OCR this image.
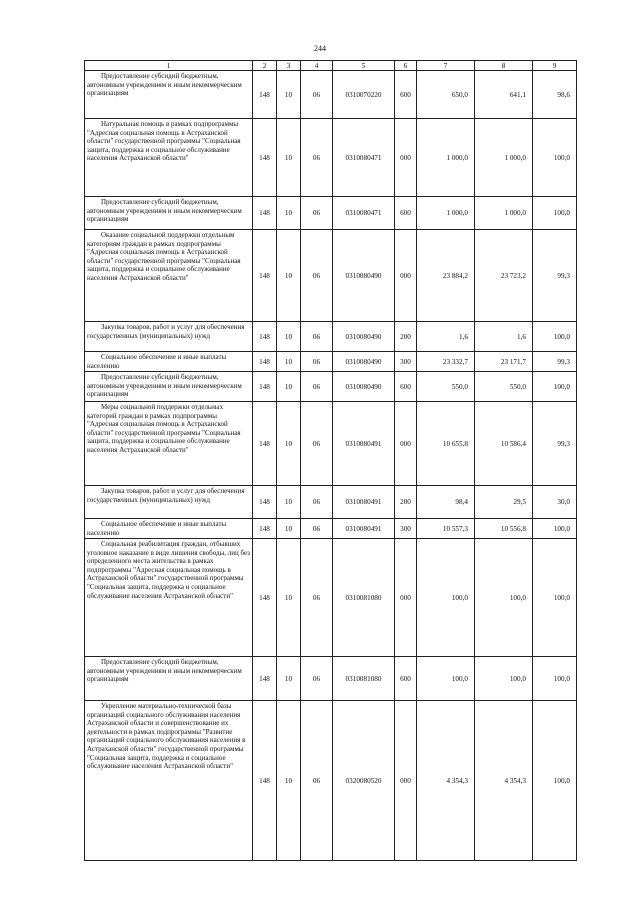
244
1	2	3	4	5	6	7	8	9
Предоставление субсидий бюджетным, автономным учреждениям и иным некоммерческим организациям	148	10	06	0310070220	600	650,0	641,1	98,6
Натуральная помощь в рамках подпрограммы "Адресная социальная помощь в Астраханской области" государственной программы "Социальная защита, поддержка и социальное обслуживание населения Астраханской области"	148	10	06	0310080471	000	1 000,0	1 000,0	100,0
Предоставление субсидий бюджетным, автономным учреждениям и иным некоммерческим организациям	148	10	06	0310080471	600	1 000,0	1 000,0	100,0
Оказание социальной поддержки отдельным категориям граждан в рамках подпрограммы "Адресная социальная помощь в Астраханской области" государственной программы "Социальная защита, поддержка и социальное обслуживание населения Астраханской области"	148	10	06	0310080490	000	23 884,2	23 723,2	99,3
Закупка товаров, работ и услуг для обеспечения государственных (муниципальных) нужд	148	10	06	0310080490	200	1,6	1,6	100,0
Социальное обеспечение и иные выплаты населению	148	10	06	0310080490	300	23 332,7	23 171,7	99,3
Предоставление субсидий бюджетным, автономным учреждениям и иным некоммерческим организациям	148	10	06	0310080490	600	550,0	550,0	100,0
Меры социальной поддержки отдельных категорий граждан в рамках подпрограммы "Адресная социальная помощь в Астраханской области" государственной программы "Социальная защита, поддержка и социальное обслуживание населения Астраханской области"	148	10	06	0310080491	000	10 655,8	10 586,4	99,3
Закупка товаров, работ и услуг для обеспечения государственных (муниципальных) нужд	148	10	06	0310080491	200	98,4	29,5	30,0
Социальное обеспечение и иные выплаты населению	148	10	06	0310080491	300	10 557,3	10 556,8	100,0
Социальная реабилитация граждан, отбывших уголовное наказание в виде лишения свободы, лиц без определенного места жительства в рамках подпрограммы "Адресная социальная помощь в Астраханской области" государственной программы "Социальная защита, поддержка и социальное обслуживание населения Астраханской области"	148	10	06	0310081080	000	100,0	100,0	100,0
Предоставление субсидий бюджетным, автономным учреждениям и иным некоммерческим организациям	148	10	06	0310081080	600	100,0	100,0	100,0
Укрепление материально-технической базы организаций социального обслуживания населения Астраханской области и совершенствование их деятельности в рамках подпрограммы "Развитие организаций социального обслуживания населения в Астраханской области" государственной программы "Социальная защита, поддержка и социальное обслуживание населения Астраханской области"	148	10	06	0320080520	000	4 354,3	4 354,3	100,0
